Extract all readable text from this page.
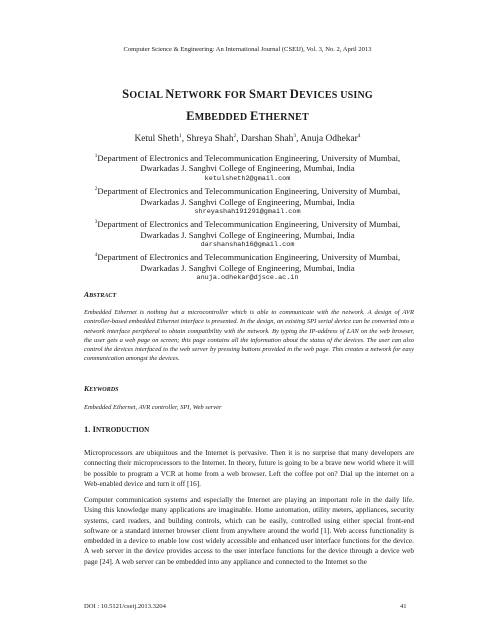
Computer Science & Engineering: An International Journal (CSEIJ), Vol. 3, No. 2, April 2013
SOCIAL NETWORK FOR SMART DEVICES USING
EMBEDDED ETHERNET
Ketul Sheth$^1$, Shreya Shah$^2$, Darshan Shah$^3$, Anuja Odhekar$^4$
$^1$Department of Electronics and Telecommunication Engineering, University of Mumbai,
Dwarkadas J. Sanghvi College of Engineering, Mumbai, India
ketulsheth2@gmail.com
$^2$Department of Electronics and Telecommunication Engineering, University of Mumbai,
Dwarkadas J. Sanghvi College of Engineering, Mumbai, India
shreyashah191291@gmail.com
$^3$Department of Electronics and Telecommunication Engineering, University of Mumbai,
Dwarkadas J. Sanghvi College of Engineering, Mumbai, India
darshanshah16@gmail.com
$^4$Department of Electronics and Telecommunication Engineering, University of Mumbai,
Dwarkadas J. Sanghvi College of Engineering, Mumbai, India
anuja.odhekar@djsce.ac.in
ABSTRACT
Embedded Ethernet is nothing but a microcontroller which is able to communicate with the network. A design of AVR controller-based embedded Ethernet interface is presented. In the design, an existing SPI serial device can be converted into a network interface peripheral to obtain compatibility with the network. By typing the IP-address of LAN on the web browser, the user gets a web page on screen; this page contains all the information about the status of the devices. The user can also control the devices interfaced to the web server by pressing buttons provided in the web page. This creates a network for easy communication amongst the devices.
KEYWORDS
Embedded Ethernet, AVR controller, SPI, Web server
1. INTRODUCTION
Microprocessors are ubiquitous and the Internet is pervasive. Then it is no surprise that many developers are connecting their microprocessors to the Internet. In theory, future is going to be a brave new world where it will be possible to program a VCR at home from a web browser. Left the coffee pot on? Dial up the internet on a Web-enabled device and turn it off [16].
Computer communication systems and especially the Internet are playing an important role in the daily life. Using this knowledge many applications are imaginable. Home automation, utility meters, appliances, security systems, card readers, and building controls, which can be easily, controlled using either special front-end software or a standard internet browser client from anywhere around the world [1]. Web access functionality is embedded in a device to enable low cost widely accessible and enhanced user interface functions for the device. A web server in the device provides access to the user interface functions for the device through a device web page [24]. A web server can be embedded into any appliance and connected to the Internet so the
DOI : 10.5121/cseij.2013.3204	41
